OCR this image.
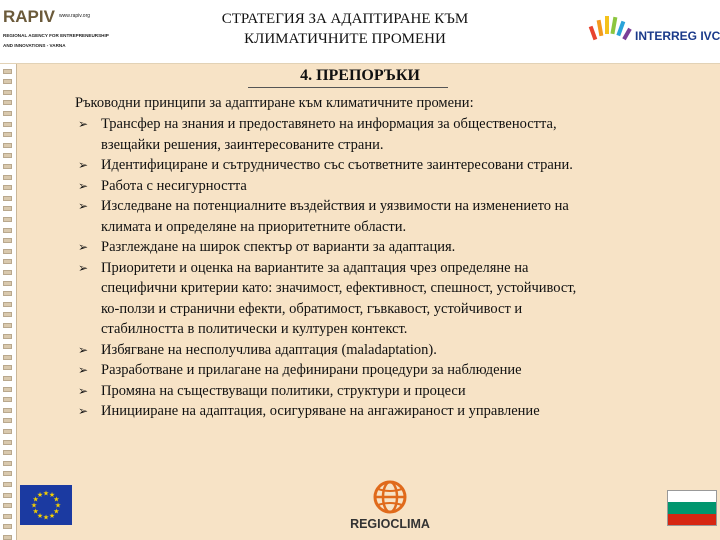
RAPIV www.rapiv.org
REGIONAL AGENCY FOR ENTREPRENEURSHIP
AND INNOVATIONS - VARNA
СТРАТЕГИЯ ЗА АДАПТИРАНЕ КЪМ
КЛИМАТИЧНИТЕ ПРОМЕНИ	INTERREG IVC
4. ПРЕПОРЪКИ
Ръководни принципи за адаптиране към климатичните промени:
➢ Трансфер на знания и предоставянето на информация за обществеността,
взещайки решения, заинтересованите страни.
➢ Идентифициране и сътрудничество със съответните заинтересовани страни.
➢ Работа с несигурността
➢ Изследване на потенциалните въздействия и уязвимости на изменението на
климата и определяне на приоритетните области.
➢ Разглеждане на широк спектър от варианти за адаптация.
➢ Приоритети и оценка на вариантите за адаптация чрез определяне на
специфични критерии като: значимост, ефективност, спешност, устойчивост,
ко-ползи и странични ефекти, обратимост, гъвкавост, устойчивост и
стабилността в политически и културен контекст.
➢ Избягване на несполучлива адаптация (maladaptation).
➢ Разработване и прилагане на дефинирани процедури за наблюдение
➢ Промяна на съществуващи политики, структури и процеси
➢ Иницииране на адаптация, осигуряване на ангажираност и управление
★
★
★
★
★
★
★
★
★ ★ ★
★
REGIOCLIMA
